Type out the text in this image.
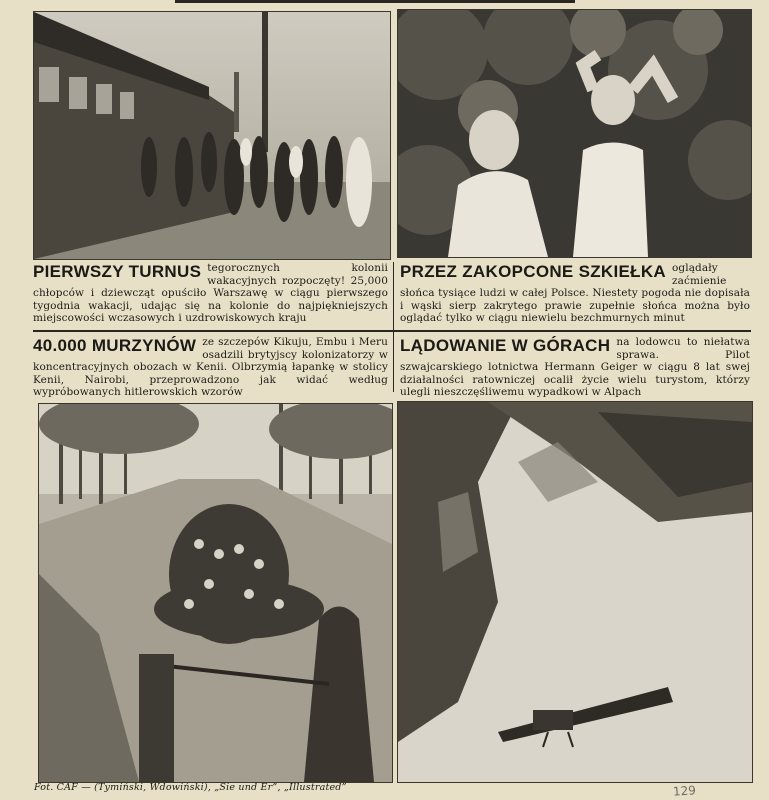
PIERWSZY TURNUS tegorocznych kolonii wakacyjnych rozpoczęty! 25,000 chłopców i dziewcząt opuściło Warszawę w ciągu pierwszego tygodnia wakacji, udając się na kolonie do najpiękniejszych miejscowości wczasowych i uzdrowiskowych kraju
PRZEZ ZAKOPCONE SZKIEŁKA oglądały zaćmienie słońca tysiące ludzi w całej Polsce. Niestety pogoda nie dopisała i wąski sierp zakrytego prawie zupełnie słońca można było oglądać tylko w ciągu niewielu bezchmurnych minut
40.000 MURZYNÓW ze szczepów Kikuju, Embu i Meru osadzili brytyjscy kolonizatorzy w koncentracyjnych obozach w Kenii. Olbrzymią łapankę w stolicy Kenii, Nairobi, przeprowadzono jak widać według wypróbowanych hitlerowskich wzorów
LĄDOWANIE W GÓRACH na lodowcu to niełatwa sprawa. Pilot szwajcarskiego lotnictwa Hermann Geiger w ciągu 8 lat swej działalności ratowniczej ocalił życie wielu turystom, którzy ulegli nieszczęśliwemu wypadkowi w Alpach
Fot. CAF — (Tymiński, Wdowiński), „Sie und Er”, „Illustrated”	129
